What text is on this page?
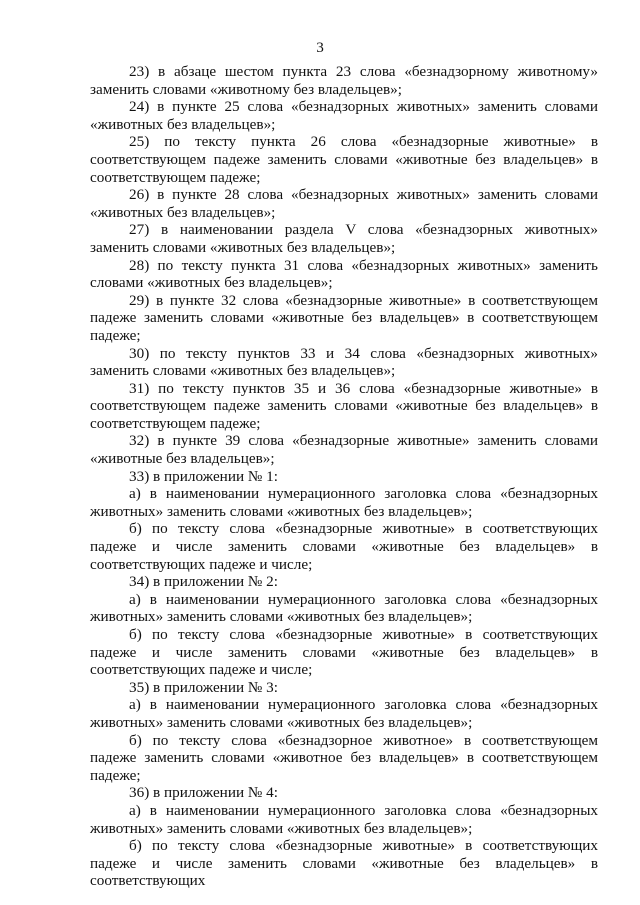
3

23) в абзаце шестом пункта 23 слова «безнадзорному животному» заменить словами «животному без владельцев»;

24) в пункте 25 слова «безнадзорных животных» заменить словами «животных без владельцев»;

25) по тексту пункта 26 слова «безнадзорные животные» в соответствующем падеже заменить словами «животные без владельцев» в соответствующем падеже;

26) в пункте 28 слова «безнадзорных животных» заменить словами «животных без владельцев»;

27) в наименовании раздела V слова «безнадзорных животных» заменить словами «животных без владельцев»;

28) по тексту пункта 31 слова «безнадзорных животных» заменить словами «животных без владельцев»;

29) в пункте 32 слова «безнадзорные животные» в соответствующем падеже заменить словами «животные без владельцев» в соответствующем падеже;

30) по тексту пунктов 33 и 34 слова «безнадзорных животных» заменить словами «животных без владельцев»;

31) по тексту пунктов 35 и 36 слова «безнадзорные животные» в соответствующем падеже заменить словами «животные без владельцев» в соответствующем падеже;

32) в пункте 39 слова «безнадзорные животные» заменить словами «животные без владельцев»;

33) в приложении № 1:

а) в наименовании нумерационного заголовка слова «безнадзорных животных» заменить словами «животных без владельцев»;

б) по тексту слова «безнадзорные животные» в соответствующих падеже и числе заменить словами «животные без владельцев» в соответствующих падеже и числе;

34) в приложении № 2:

а) в наименовании нумерационного заголовка слова «безнадзорных животных» заменить словами «животных без владельцев»;

б) по тексту слова «безнадзорные животные» в соответствующих падеже и числе заменить словами «животные без владельцев» в соответствующих падеже и числе;

35) в приложении № 3:

а) в наименовании нумерационного заголовка слова «безнадзорных животных» заменить словами «животных без владельцев»;

б) по тексту слова «безнадзорное животное» в соответствующем падеже заменить словами «животное без владельцев» в соответствующем падеже;

36) в приложении № 4:

а) в наименовании нумерационного заголовка слова «безнадзорных животных» заменить словами «животных без владельцев»;

б) по тексту слова «безнадзорные животные» в соответствующих падеже и числе заменить словами «животные без владельцев» в соответствующих
